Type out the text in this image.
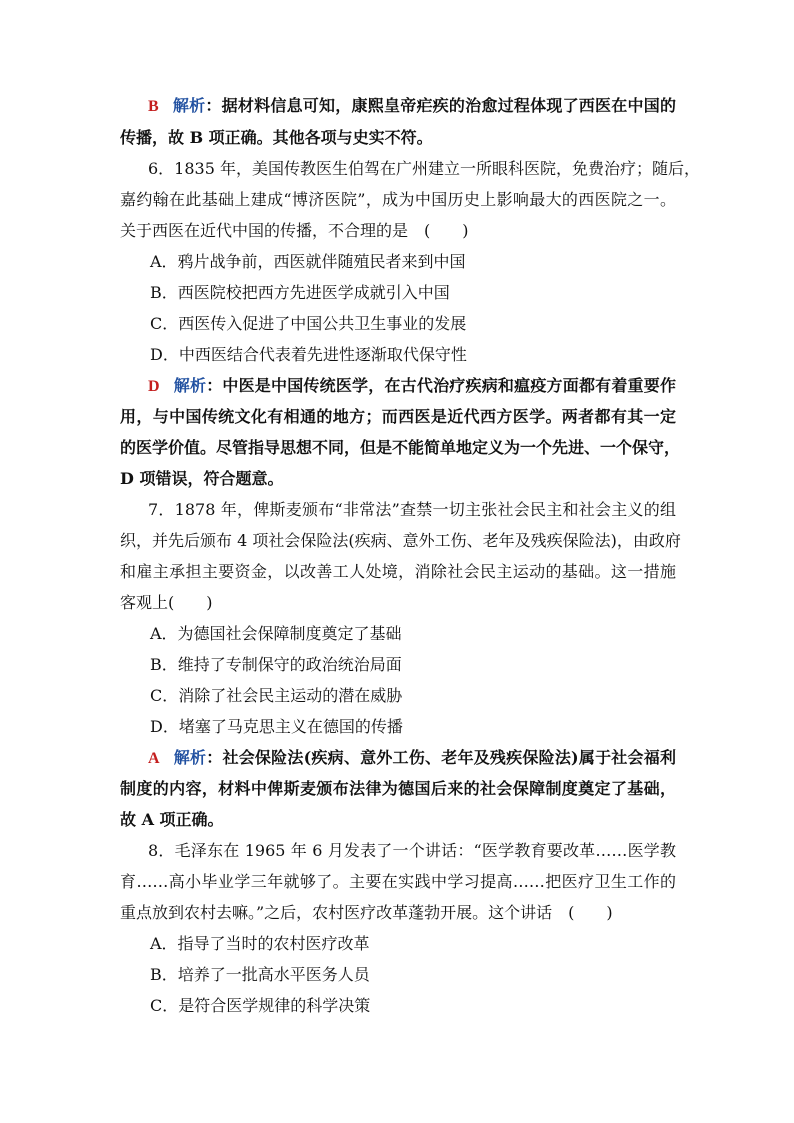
B 解析：据材料信息可知，康熙皇帝疟疾的治愈过程体现了西医在中国的
传播，故 B 项正确。其他各项与史实不符。
6．1835 年，美国传教医生伯驾在广州建立一所眼科医院，免费治疗；随后，
嘉约翰在此基础上建成“博济医院”，成为中国历史上影响最大的西医院之一。
关于西医在近代中国的传播，不合理的是　(　　)
A．鸦片战争前，西医就伴随殖民者来到中国
B．西医院校把西方先进医学成就引入中国
C．西医传入促进了中国公共卫生事业的发展
D．中西医结合代表着先进性逐渐取代保守性
D 解析：中医是中国传统医学，在古代治疗疾病和瘟疫方面都有着重要作
用，与中国传统文化有相通的地方；而西医是近代西方医学。两者都有其一定
的医学价值。尽管指导思想不同，但是不能简单地定义为一个先进、一个保守，
D 项错误，符合题意。
7．1878 年，俾斯麦颁布“非常法”查禁一切主张社会民主和社会主义的组
织，并先后颁布 4 项社会保险法(疾病、意外工伤、老年及残疾保险法)，由政府
和雇主承担主要资金，以改善工人处境，消除社会民主运动的基础。这一措施
客观上(　　)
A．为德国社会保障制度奠定了基础
B．维持了专制保守的政治统治局面
C．消除了社会民主运动的潜在威胁
D．堵塞了马克思主义在德国的传播
A 解析：社会保险法(疾病、意外工伤、老年及残疾保险法)属于社会福利
制度的内容，材料中俾斯麦颁布法律为德国后来的社会保障制度奠定了基础，
故 A 项正确。
8．毛泽东在 1965 年 6 月发表了一个讲话：“医学教育要改革……医学教
育……高小毕业学三年就够了。主要在实践中学习提高……把医疗卫生工作的
重点放到农村去嘛。”之后，农村医疗改革蓬勃开展。这个讲话　(　　)
A．指导了当时的农村医疗改革
B．培养了一批高水平医务人员
C．是符合医学规律的科学决策
